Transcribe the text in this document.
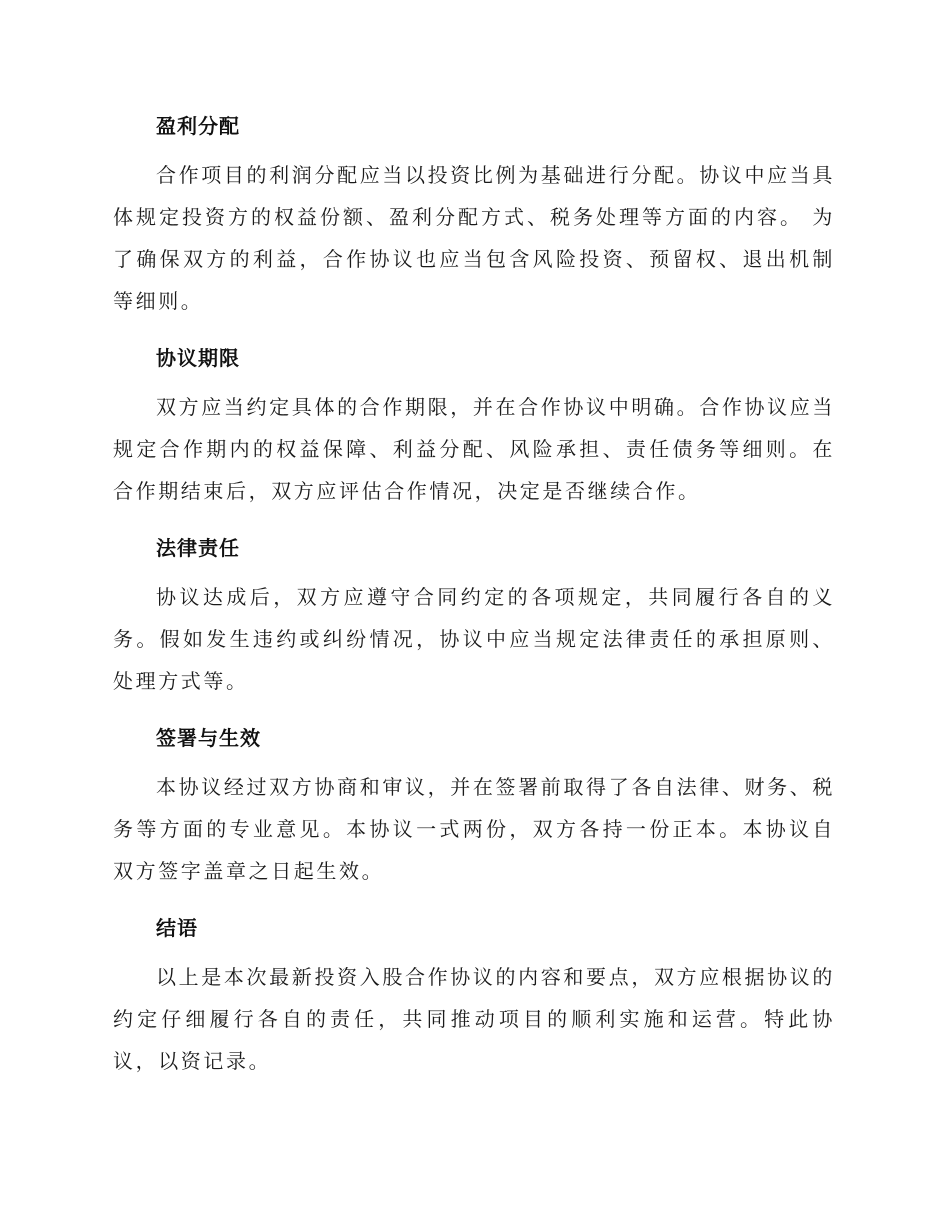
盈利分配

合作项目的利润分配应当以投资比例为基础进行分配。协议中应当具体规定投资方的权益份额、盈利分配方式、税务处理等方面的内容。 为了确保双方的利益，合作协议也应当包含风险投资、预留权、退出机制等细则。

协议期限

双方应当约定具体的合作期限，并在合作协议中明确。合作协议应当规定合作期内的权益保障、利益分配、风险承担、责任债务等细则。在合作期结束后，双方应评估合作情况，决定是否继续合作。

法律责任

协议达成后，双方应遵守合同约定的各项规定，共同履行各自的义务。假如发生违约或纠纷情况，协议中应当规定法律责任的承担原则、处理方式等。

签署与生效

本协议经过双方协商和审议，并在签署前取得了各自法律、财务、税务等方面的专业意见。本协议一式两份，双方各持一份正本。本协议自双方签字盖章之日起生效。

结语

以上是本次最新投资入股合作协议的内容和要点，双方应根据协议的约定仔细履行各自的责任，共同推动项目的顺利实施和运营。特此协议，以资记录。
